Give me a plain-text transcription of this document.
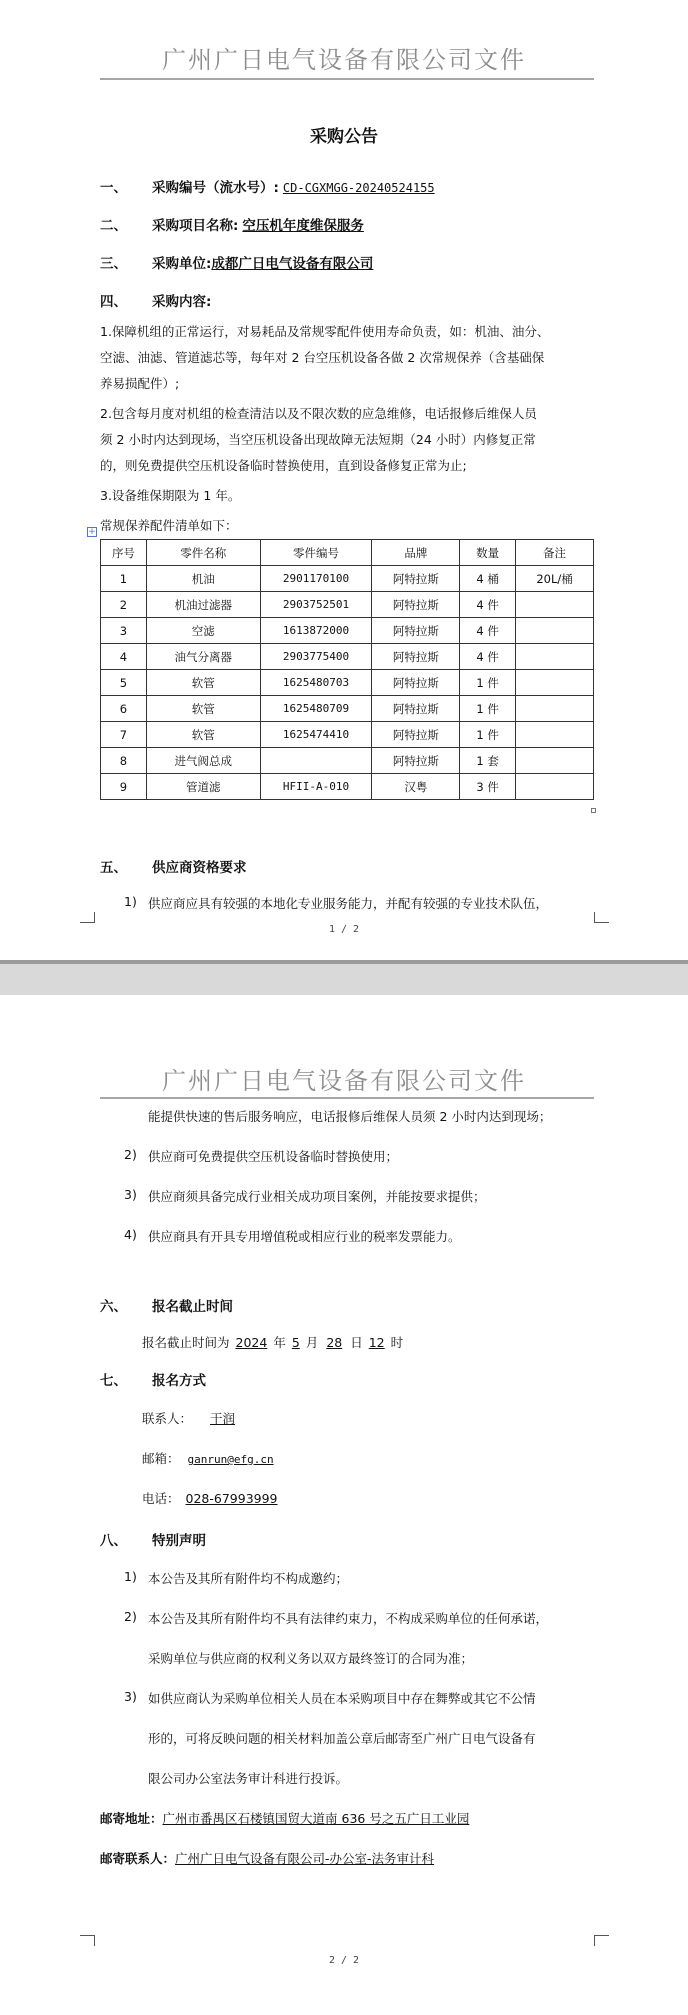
广州广日电气设备有限公司文件
采购公告
一、 采购编号（流水号）: CD-CGXMGG-20240524155
二、 采购项目名称: 空压机年度维保服务
三、 采购单位:成都广日电气设备有限公司
四、 采购内容:
1.保障机组的正常运行，对易耗品及常规零配件使用寿命负责，如：机油、油分、
空滤、油滤、管道滤芯等，每年对 2 台空压机设备各做 2 次常规保养（含基础保
养易损配件）;
2.包含每月度对机组的检查清洁以及不限次数的应急维修，电话报修后维保人员
须 2 小时内达到现场，当空压机设备出现故障无法短期（24 小时）内修复正常
的，则免费提供空压机设备临时替换使用，直到设备修复正常为止;
3.设备维保期限为 1 年。
常规保养配件清单如下：
+
序号	零件名称	零件编号	品牌	数量	备注
1	机油	2901170100	阿特拉斯	4 桶	20L/桶
2	机油过滤器	2903752501	阿特拉斯	4 件	
3	空滤	1613872000	阿特拉斯	4 件	
4	油气分离器	2903775400	阿特拉斯	4 件	
5	软管	1625480703	阿特拉斯	1 件	
6	软管	1625480709	阿特拉斯	1 件	
7	软管	1625474410	阿特拉斯	1 件	
8	进气阀总成		阿特拉斯	1 套	
9	管道滤	HFII-A-010	汉粤	3 件	
五、 供应商资格要求
1) 供应商应具有较强的本地化专业服务能力，并配有较强的专业技术队伍，
1 / 2
广州广日电气设备有限公司文件
能提供快速的售后服务响应，电话报修后维保人员须 2 小时内达到现场；
2) 供应商可免费提供空压机设备临时替换使用；
3) 供应商须具备完成行业相关成功项目案例，并能按要求提供；
4) 供应商具有开具专用增值税或相应行业的税率发票能力。
六、 报名截止时间
报名截止时间为 2024 年 5 月 28 日 12 时
七、 报名方式
联系人： 干润
邮箱： ganrun@efg.cn
电话： 028-67993999
八、 特别声明
1) 本公告及其所有附件均不构成邀约；
2) 本公告及其所有附件均不具有法律约束力，不构成采购单位的任何承诺，
采购单位与供应商的权利义务以双方最终签订的合同为准；
3) 如供应商认为采购单位相关人员在本采购项目中存在舞弊或其它不公情
形的，可将反映问题的相关材料加盖公章后邮寄至广州广日电气设备有
限公司办公室法务审计科进行投诉。
邮寄地址：广州市番禺区石楼镇国贸大道南 636 号之五广日工业园
邮寄联系人：广州广日电气设备有限公司-办公室-法务审计科
2 / 2
